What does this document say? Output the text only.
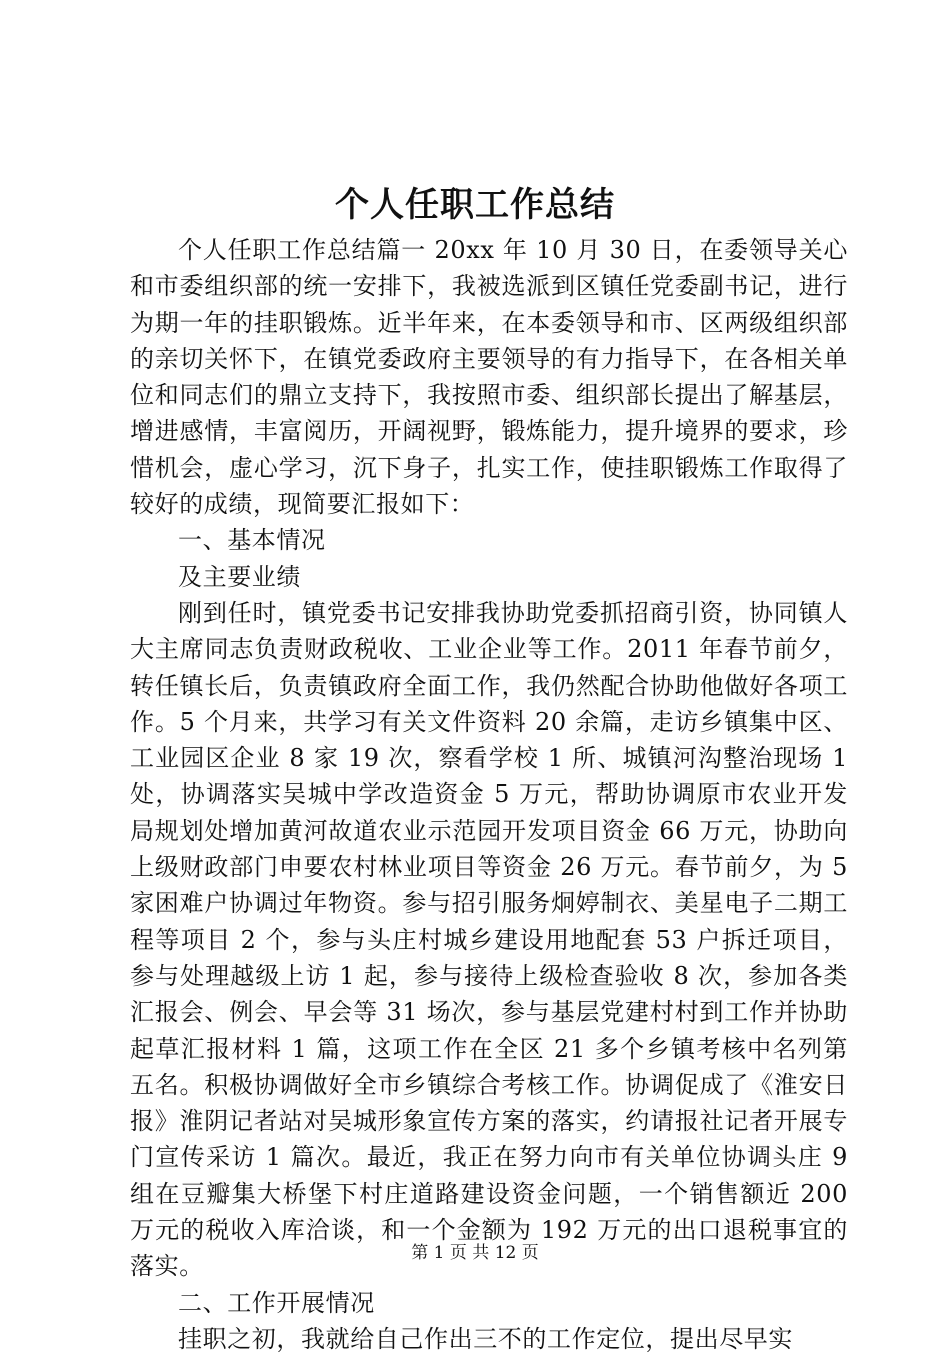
个人任职工作总结

个人任职工作总结篇一 20xx 年 10 月 30 日，在委领导关心和市委组织部的统一安排下，我被选派到区镇任党委副书记，进行为期一年的挂职锻炼。近半年来，在本委领导和市、区两级组织部的亲切关怀下，在镇党委政府主要领导的有力指导下，在各相关单位和同志们的鼎立支持下，我按照市委、组织部长提出了解基层，增进感情，丰富阅历，开阔视野，锻炼能力，提升境界的要求，珍惜机会，虚心学习，沉下身子，扎实工作，使挂职锻炼工作取得了较好的成绩，现简要汇报如下：

一、基本情况

及主要业绩

刚到任时，镇党委书记安排我协助党委抓招商引资，协同镇人大主席同志负责财政税收、工业企业等工作。2011 年春节前夕，转任镇长后，负责镇政府全面工作，我仍然配合协助他做好各项工作。5 个月来，共学习有关文件资料 20 余篇，走访乡镇集中区、工业园区企业 8 家 19 次，察看学校 1 所、城镇河沟整治现场 1 处，协调落实吴城中学改造资金 5 万元，帮助协调原市农业开发局规划处增加黄河故道农业示范园开发项目资金 66 万元，协助向上级财政部门申要农村林业项目等资金 26 万元。春节前夕，为 5 家困难户协调过年物资。参与招引服务炯婷制衣、美星电子二期工程等项目 2 个，参与头庄村城乡建设用地配套 53 户拆迁项目，参与处理越级上访 1 起，参与接待上级检查验收 8 次，参加各类汇报会、例会、早会等 31 场次，参与基层党建村村到工作并协助起草汇报材料 1 篇，这项工作在全区 21 多个乡镇考核中名列第五名。积极协调做好全市乡镇综合考核工作。协调促成了《淮安日报》淮阴记者站对吴城形象宣传方案的落实，约请报社记者开展专门宣传采访 1 篇次。最近，我正在努力向市有关单位协调头庄 9 组在豆瓣集大桥堡下村庄道路建设资金问题，一个销售额近 200 万元的税收入库洽谈，和一个金额为 192 万元的出口退税事宜的落实。

二、工作开展情况

挂职之初，我就给自己作出三不的工作定位，提出尽早实

第 1 页 共 12 页
